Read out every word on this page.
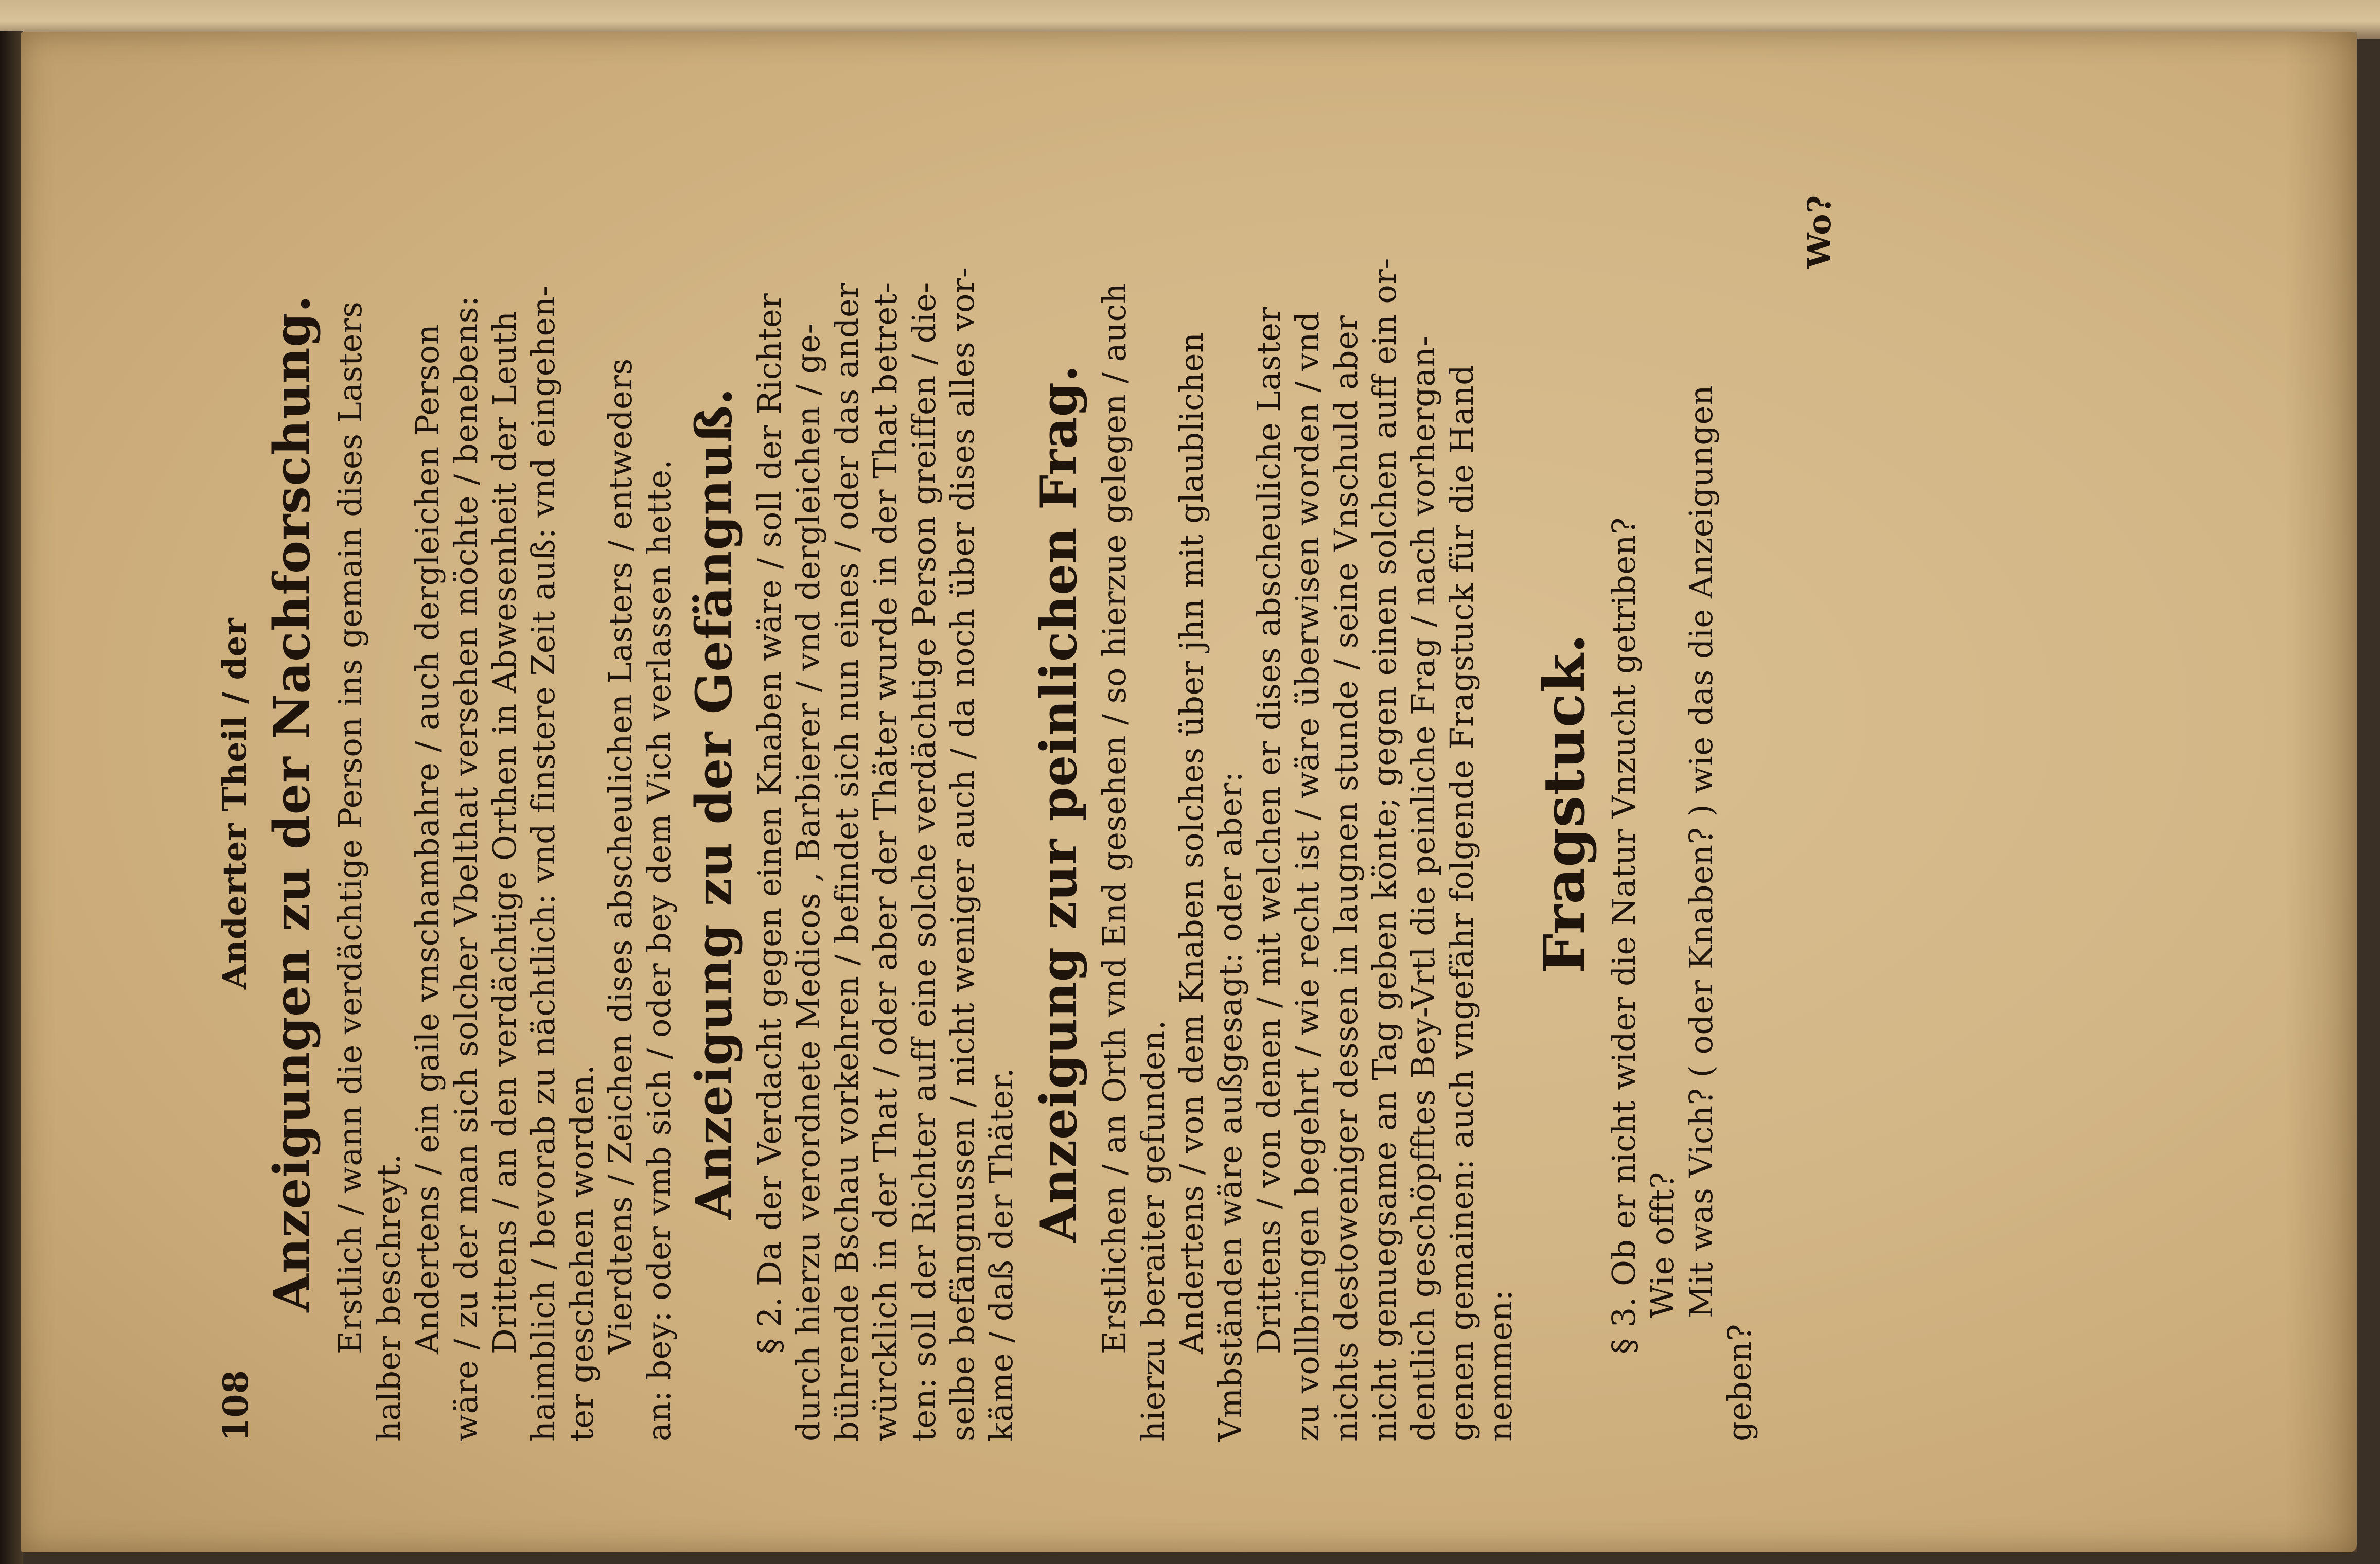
108
Anderter Theil / der Anzeigungen zu der Nachforschung. Erstlich / wann die verdächtige Person ins gemain dises Lasters halber beschreyt. Andertens / ein gaile vnschambahre / auch dergleichen Person wäre / zu der man sich solcher Vbelthat versehen möchte / benebens: Drittens / an den verdächtige Orthen in Abwesenheit der Leuth haimblich / bevorab zu nächtlich: vnd finstere Zeit auß: vnd eingehen- ter geschehen worden. Vierdtens / Zeichen dises abscheulichen Lasters / entweders an: bey: oder vmb sich / oder bey dem Vich verlassen hette. Anzeigung zu der Gefängnuß. § 2. Da der Verdacht gegen einen Knaben wäre / soll der Richter durch hierzu verordnete Medicos , Barbierer / vnd dergleichen / ge- bührende Bschau vorkehren / befindet sich nun eines / oder das ander würcklich in der That / oder aber der Thäter wurde in der That betret- ten: soll der Richter auff eine solche verdächtige Person greiffen / die- selbe befängnussen / nicht weniger auch / da noch über dises alles vor- käme / daß der Thäter.
Anzeigung zur peinlichen Frag. Erstlichen / an Orth vnd End gesehen / so hierzue gelegen / auch hierzu beraiter gefunden. Andertens / von dem Knaben solches über jhn mit glaublichen Vmbständen wäre außgesagt: oder aber: Drittens / von denen / mit welchen er dises abscheuliche Laster zu vollbringen begehrt / wie recht ist / wäre überwisen worden / vnd nichts destoweniger dessen in laugnen stunde / seine Vnschuld aber nicht genuegsame an Tag geben könte; gegen einen solchen auff ein or- dentlich geschöpfftes Bey-Vrtl die peinliche Frag / nach vorhergan- genen gemainen: auch vngefähr folgende Fragstuck für die Hand nemmen:
Fragstuck. § 3. Ob er nicht wider die Natur Vnzucht getriben? Wie offt? Mit was Vich? ( oder Knaben? ) wie das die Anzeigungen
geben?
Wo?
